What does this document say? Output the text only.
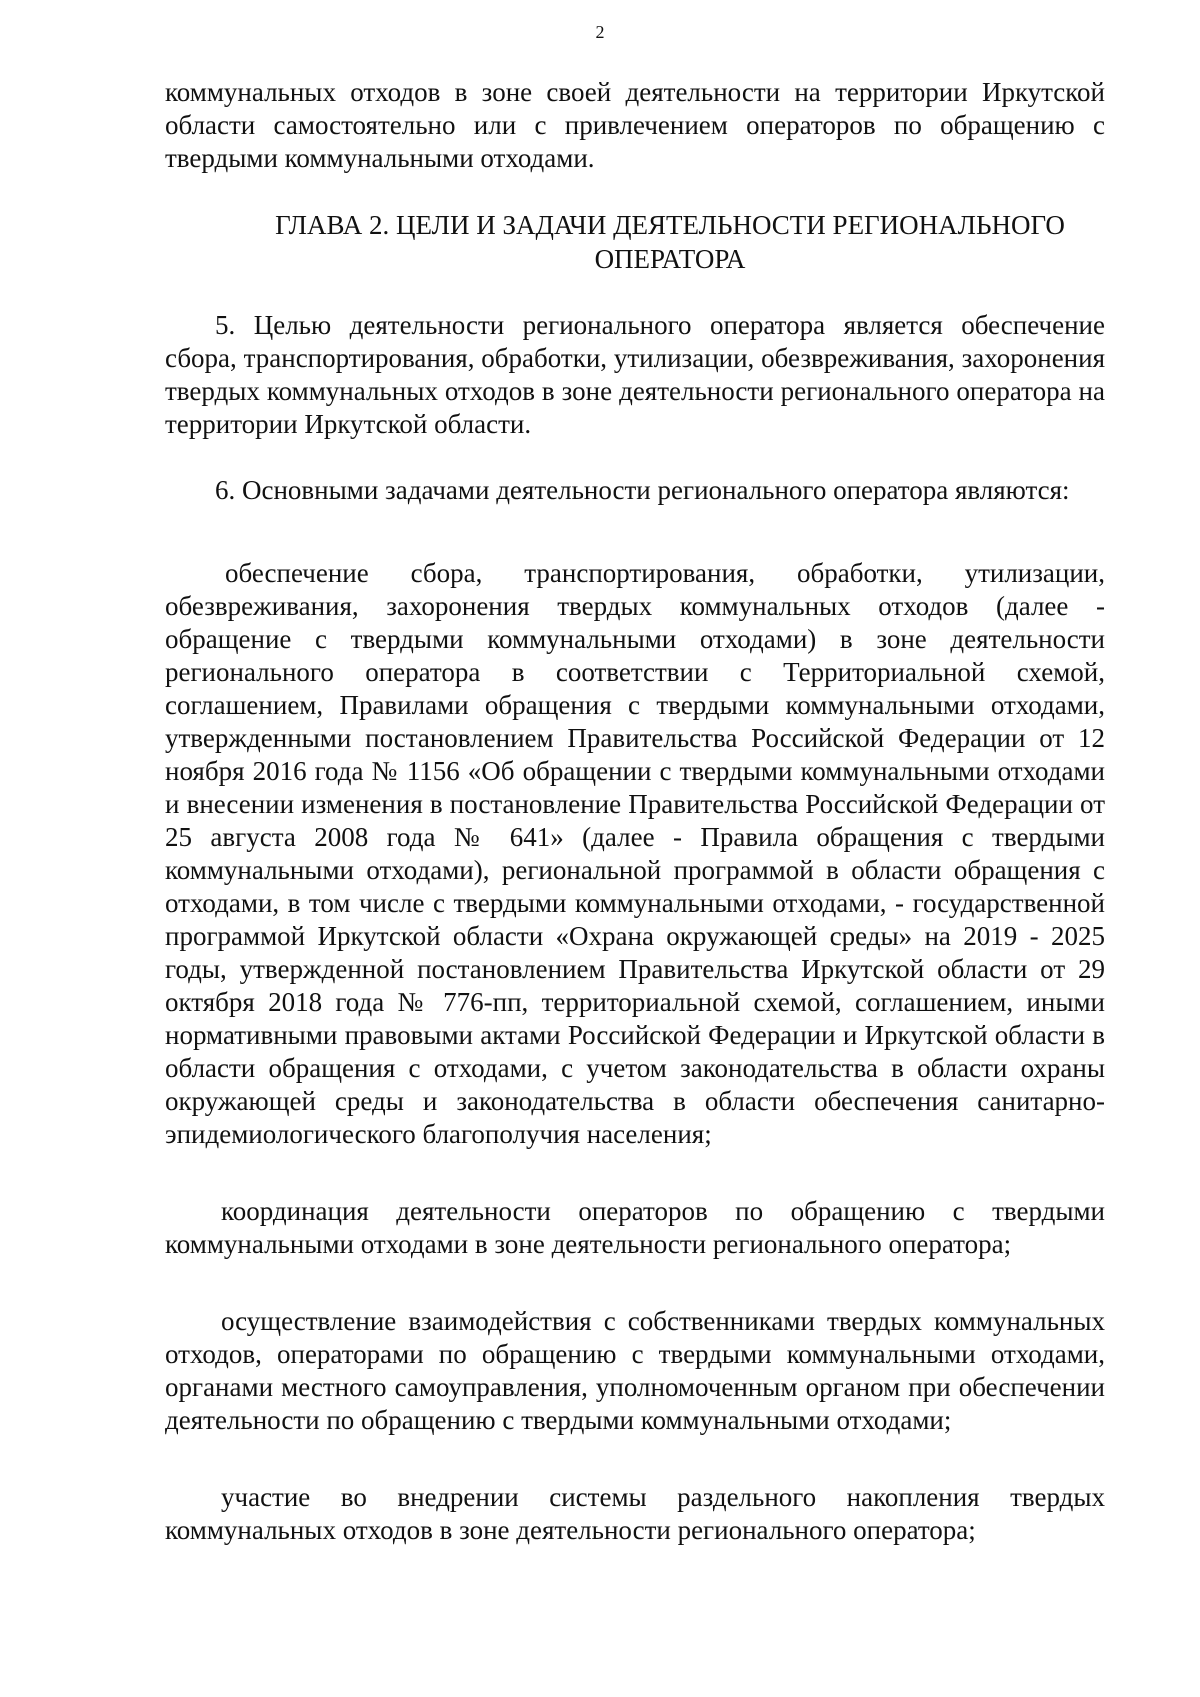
2

коммунальных отходов в зоне своей деятельности на территории Иркутской области самостоятельно или с привлечением операторов по обращению с твердыми коммунальными отходами.

ГЛАВА 2. ЦЕЛИ И ЗАДАЧИ ДЕЯТЕЛЬНОСТИ РЕГИОНАЛЬНОГО
ОПЕРАТОРА

5. Целью деятельности регионального оператора является обеспечение сбора, транспортирования, обработки, утилизации, обезвреживания, захоронения твердых коммунальных отходов в зоне деятельности регионального оператора на территории Иркутской области.

6. Основными задачами деятельности регионального оператора являются:

обеспечение сбора, транспортирования, обработки, утилизации, обезвреживания, захоронения твердых коммунальных отходов (далее - обращение с твердыми коммунальными отходами) в зоне деятельности регионального оператора в соответствии с Территориальной схемой, соглашением, Правилами обращения с твердыми коммунальными отходами, утвержденными постановлением Правительства Российской Федерации от 12 ноября 2016 года № 1156 «Об обращении с твердыми коммунальными отходами и внесении изменения в постановление Правительства Российской Федерации от 25 августа 2008 года № 641» (далее - Правила обращения с твердыми коммунальными отходами), региональной программой в области обращения с отходами, в том числе с твердыми коммунальными отходами, - государственной программой Иркутской области «Охрана окружающей среды» на 2019 - 2025 годы, утвержденной постановлением Правительства Иркутской области от 29 октября 2018 года № 776-пп, территориальной схемой, соглашением, иными нормативными правовыми актами Российской Федерации и Иркутской области в области обращения с отходами, с учетом законодательства в области охраны окружающей среды и законодательства в области обеспечения санитарно-эпидемиологического благополучия населения;

координация деятельности операторов по обращению с твердыми коммунальными отходами в зоне деятельности регионального оператора;

осуществление взаимодействия с собственниками твердых коммунальных отходов, операторами по обращению с твердыми коммунальными отходами, органами местного самоуправления, уполномоченным органом при обеспечении деятельности по обращению с твердыми коммунальными отходами;

участие во внедрении системы раздельного накопления твердых коммунальных отходов в зоне деятельности регионального оператора;
